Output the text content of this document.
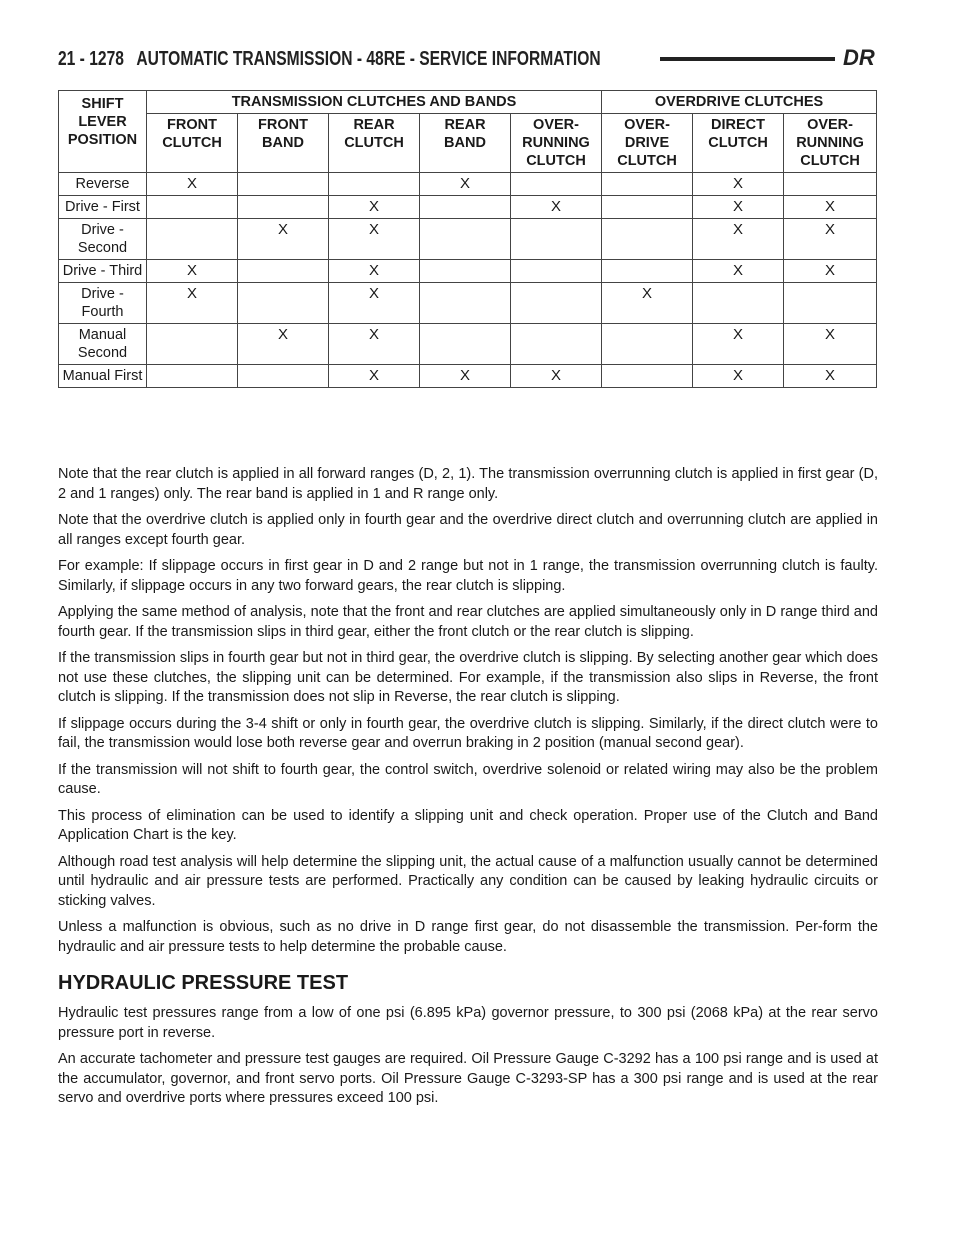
21 - 1278 AUTOMATIC TRANSMISSION - 48RE - SERVICE INFORMATION	DR
SHIFT LEVER POSITION	TRANSMISSION CLUTCHES AND BANDS					OVERDRIVE CLUTCHES		
	FRONT CLUTCH	FRONT BAND	REAR CLUTCH	REAR BAND	OVER-RUNNING CLUTCH	OVER-DRIVE CLUTCH	DIRECT CLUTCH	OVER-RUNNING CLUTCH
Reverse	X			X			X	
Drive - First			X		X		X	X
Drive - Second		X	X				X	X
Drive - Third	X		X				X	X
Drive - Fourth	X		X			X		
Manual Second		X	X				X	X
Manual First			X	X	X		X	X

Note that the rear clutch is applied in all forward ranges (D, 2, 1). The transmission overrunning clutch is applied in first gear (D, 2 and 1 ranges) only. The rear band is applied in 1 and R range only.

Note that the overdrive clutch is applied only in fourth gear and the overdrive direct clutch and overrunning clutch are applied in all ranges except fourth gear.

For example: If slippage occurs in first gear in D and 2 range but not in 1 range, the transmission overrunning clutch is faulty. Similarly, if slippage occurs in any two forward gears, the rear clutch is slipping.

Applying the same method of analysis, note that the front and rear clutches are applied simultaneously only in D range third and fourth gear. If the transmission slips in third gear, either the front clutch or the rear clutch is slipping.

If the transmission slips in fourth gear but not in third gear, the overdrive clutch is slipping. By selecting another gear which does not use these clutches, the slipping unit can be determined. For example, if the transmission also slips in Reverse, the front clutch is slipping. If the transmission does not slip in Reverse, the rear clutch is slipping.

If slippage occurs during the 3-4 shift or only in fourth gear, the overdrive clutch is slipping. Similarly, if the direct clutch were to fail, the transmission would lose both reverse gear and overrun braking in 2 position (manual second gear).

If the transmission will not shift to fourth gear, the control switch, overdrive solenoid or related wiring may also be the problem cause.

This process of elimination can be used to identify a slipping unit and check operation. Proper use of the Clutch and Band Application Chart is the key.

Although road test analysis will help determine the slipping unit, the actual cause of a malfunction usually cannot be determined until hydraulic and air pressure tests are performed. Practically any condition can be caused by leaking hydraulic circuits or sticking valves.

Unless a malfunction is obvious, such as no drive in D range first gear, do not disassemble the transmission. Per-form the hydraulic and air pressure tests to help determine the probable cause.

HYDRAULIC PRESSURE TEST

Hydraulic test pressures range from a low of one psi (6.895 kPa) governor pressure, to 300 psi (2068 kPa) at the rear servo pressure port in reverse.

An accurate tachometer and pressure test gauges are required. Oil Pressure Gauge C-3292 has a 100 psi range and is used at the accumulator, governor, and front servo ports. Oil Pressure Gauge C-3293-SP has a 300 psi range and is used at the rear servo and overdrive ports where pressures exceed 100 psi.
